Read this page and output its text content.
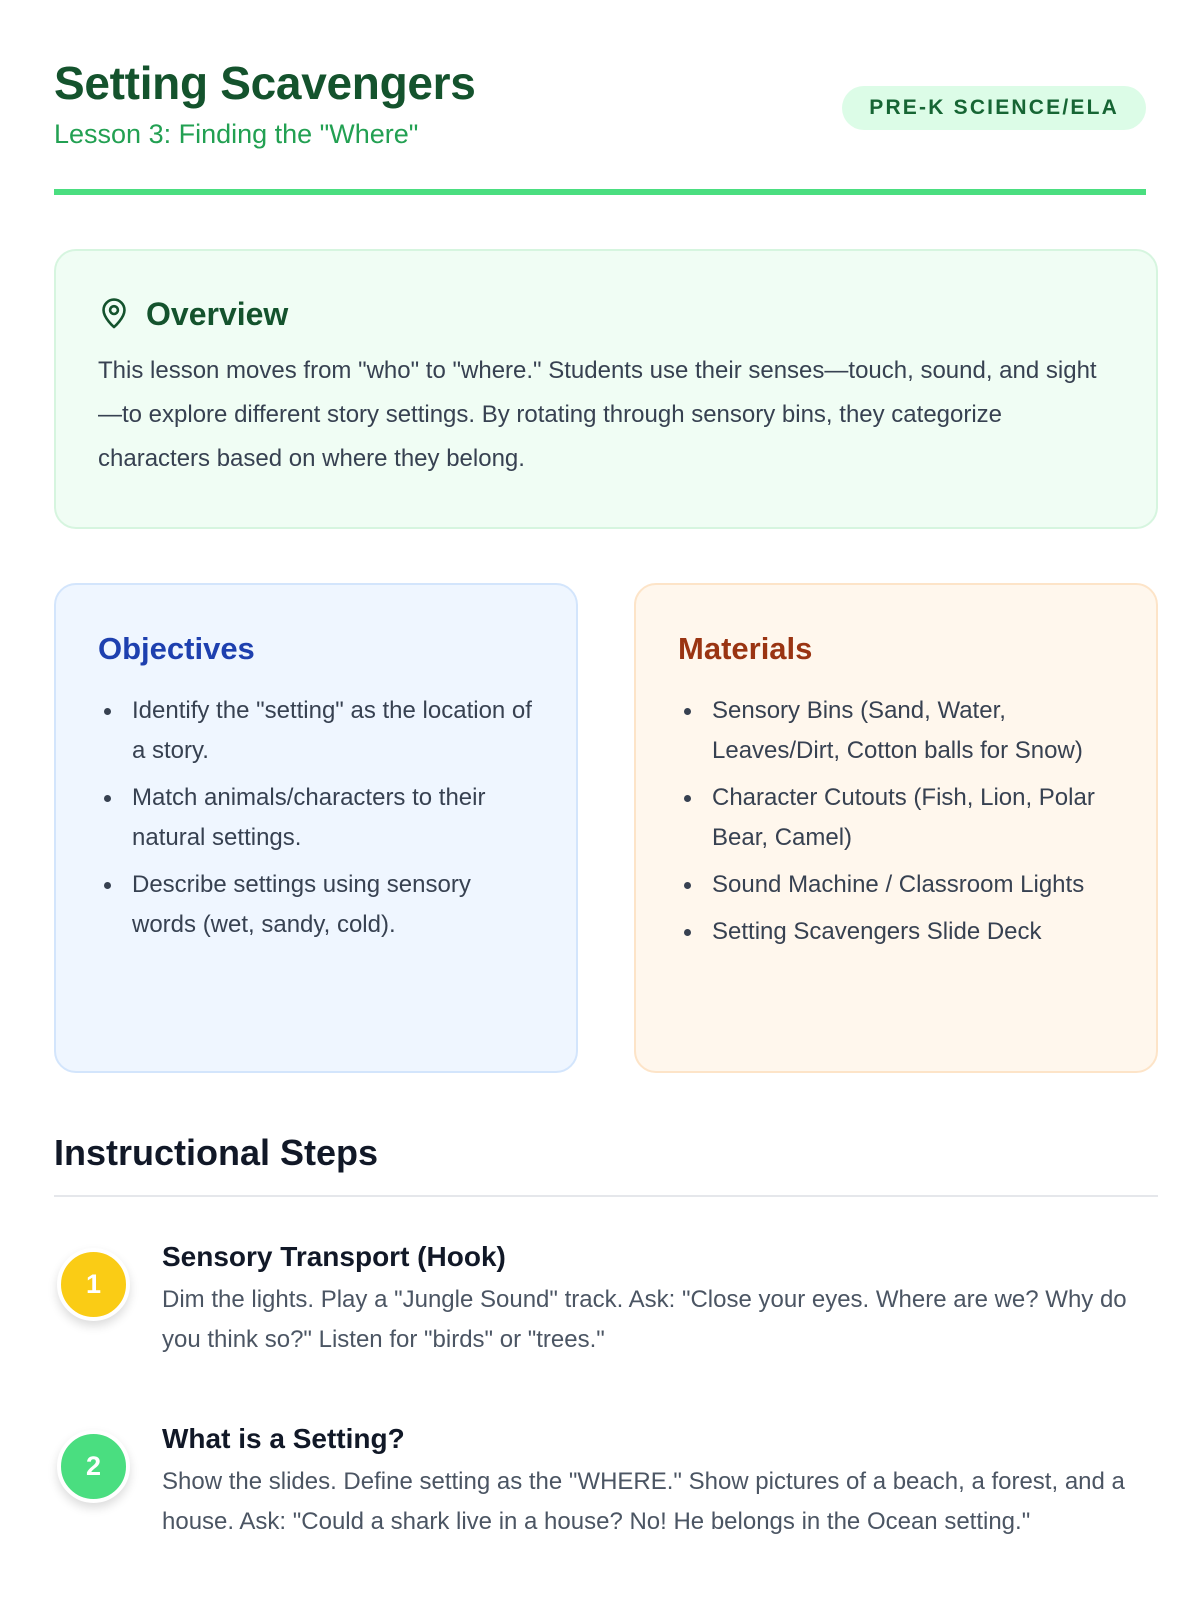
Setting Scavengers
Lesson 3: Finding the "Where"
PRE-K SCIENCE/ELA
Overview

This lesson moves from "who" to "where." Students use their senses—touch, sound, and sight—to explore different story settings. By rotating through sensory bins, they categorize characters based on where they belong.

Objectives
Identify the "setting" as the location of a story.
Match animals/characters to their natural settings.
Describe settings using sensory words (wet, sandy, cold).
Materials
Sensory Bins (Sand, Water, Leaves/Dirt, Cotton balls for Snow)
Character Cutouts (Fish, Lion, Polar Bear, Camel)
Sound Machine / Classroom Lights
Setting Scavengers Slide Deck
Instructional Steps
1
Sensory Transport (Hook)

Dim the lights. Play a "Jungle Sound" track. Ask: "Close your eyes. Where are we? Why do you think so?" Listen for "birds" or "trees."

2
What is a Setting?

Show the slides. Define setting as the "WHERE." Show pictures of a beach, a forest, and a house. Ask: "Could a shark live in a house? No! He belongs in the Ocean setting."
